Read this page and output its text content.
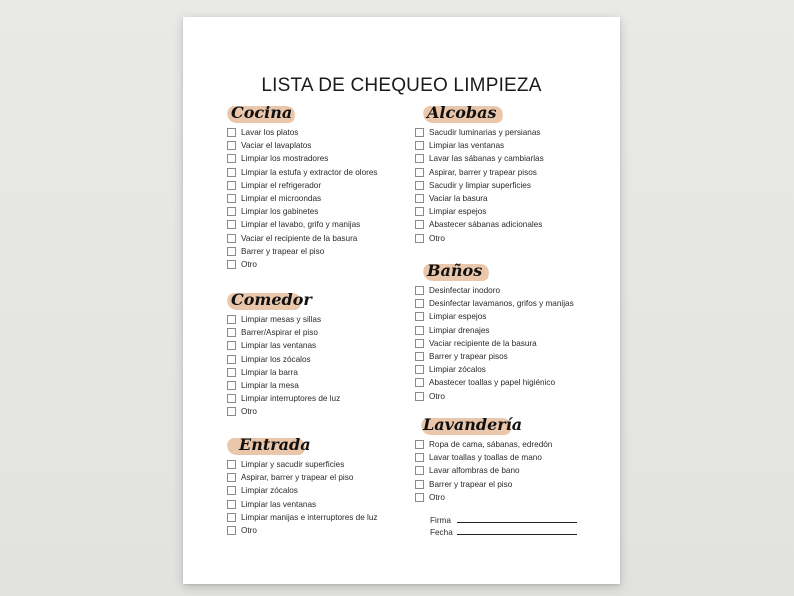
LISTA DE CHEQUEO LIMPIEZA
Cocina
Lavar los platos
Vaciar el lavaplatos
Limpiar los mostradores
Limpiar la estufa y extractor de olores
Limpiar el refrigerador
Limpiar el microondas
Limpiar los gabinetes
Limpiar el lavabo, grifo y manijas
Vaciar el recipiente de la basura
Barrer y trapear el piso
Otro
Comedor
Limpiar mesas y sillas
Barrer/Aspirar el piso
Limpiar las ventanas
Limpiar los zócalos
Limpiar la barra
Limpiar la mesa
Limpiar interruptores de luz
Otro
Entrada
Limpiar y sacudir superficies
Aspirar, barrer y trapear el piso
Limpiar zócalos
Limpiar las ventanas
Limpiar manijas e interruptores de luz
Otro
Alcobas
Sacudir luminarias y persianas
Limpiar las ventanas
Lavar las sábanas y cambiarlas
Aspirar, barrer y trapear pisos
Sacudir y limpiar superficies
Vaciar la basura
Limpiar espejos
Abastecer sábanas adicionales
Otro
Baños
Desinfectar inodoro
Desinfectar lavamanos, grifos y manijas
Limpiar espejos
Limpiar drenajes
Vaciar recipiente de la basura
Barrer y trapear pisos
Limpiar zócalos
Abastecer toallas y papel higiénico
Otro
Lavandería
Ropa de cama, sábanas, edredón
Lavar toallas y toallas de mano
Lavar alfombras de bano
Barrer y trapear el piso
Otro
Firma
Fecha
